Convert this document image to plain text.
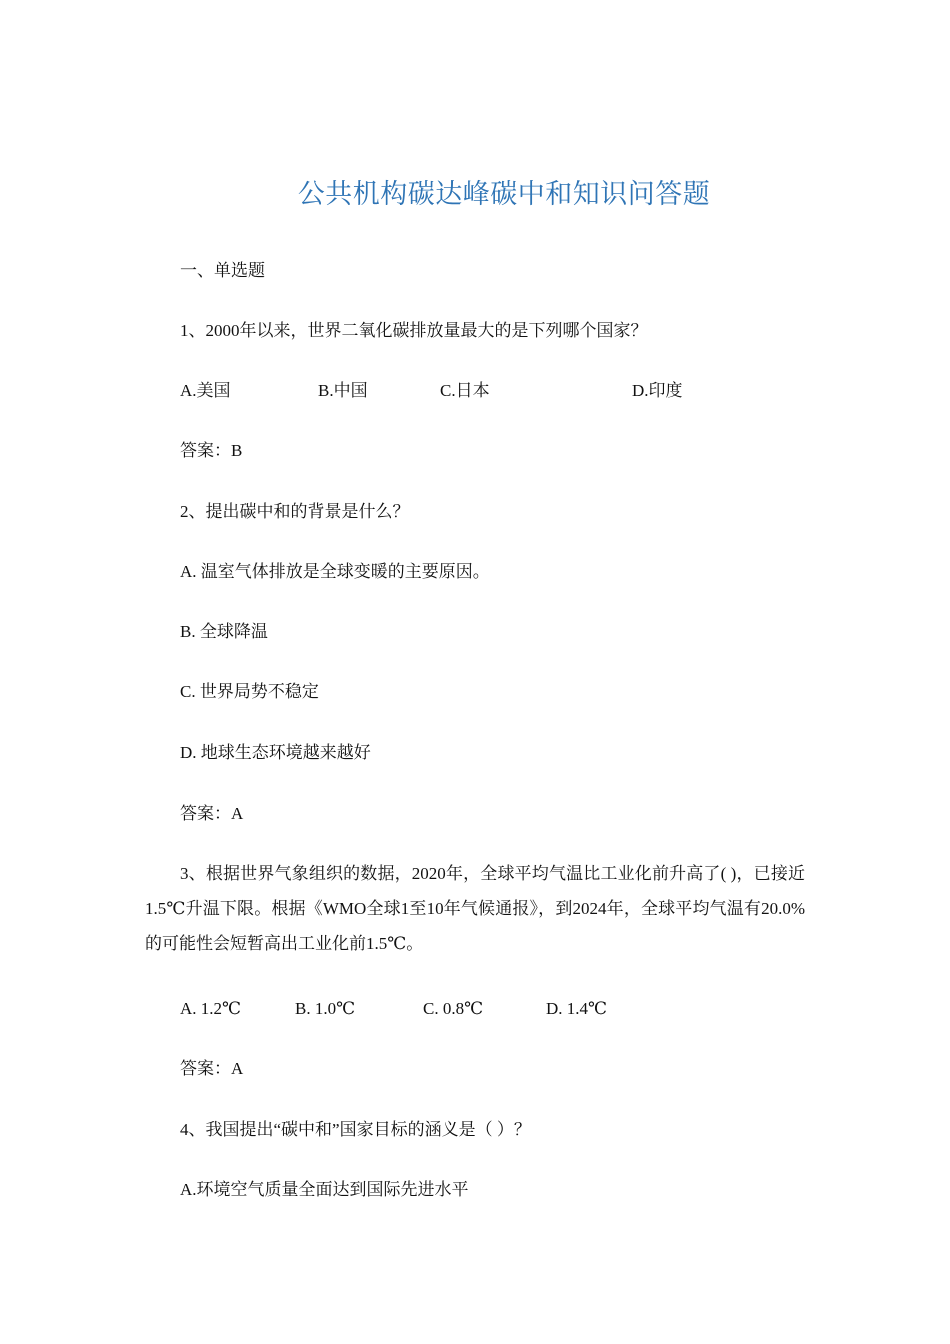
公共机构碳达峰碳中和知识问答题
一、单选题
1、2000年以来，世界二氧化碳排放量最大的是下列哪个国家？
A.美国	B.中国	C.日本	D.印度
答案：B
2、提出碳中和的背景是什么？
A. 温室气体排放是全球变暖的主要原因。
B. 全球降温
C. 世界局势不稳定
D. 地球生态环境越来越好
答案：A
3、根据世界气象组织的数据，2020年，全球平均气温比工业化前升高了( )，已接近1.5℃升温下限。根据《WMO全球1至10年气候通报》，到2024年，全球平均气温有20.0%的可能性会短暂高出工业化前1.5℃。
A. 1.2℃	B. 1.0℃	C. 0.8℃	D. 1.4℃
答案：A
4、我国提出“碳中和”国家目标的涵义是（ ）？
A.环境空气质量全面达到国际先进水平
